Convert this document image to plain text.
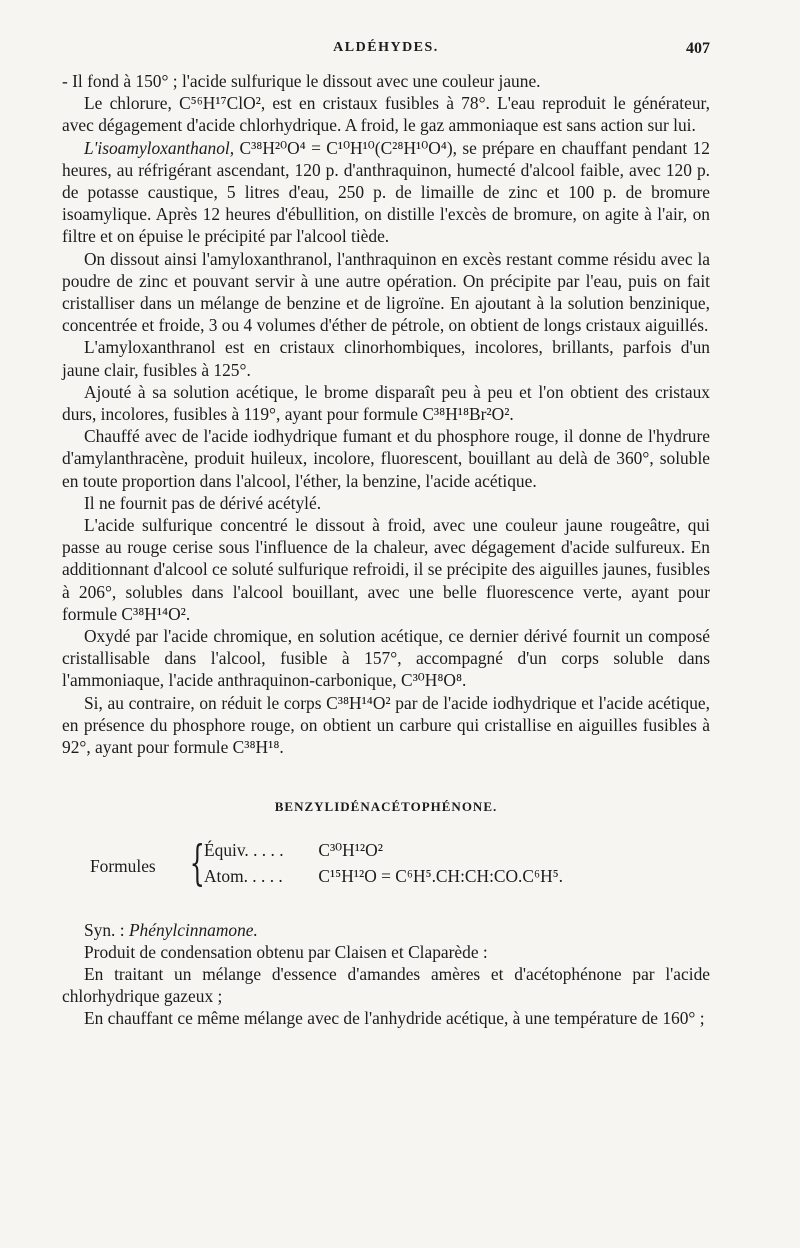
ALDÉHYDES.	407

- Il fond à 150° ; l'acide sulfurique le dissout avec une couleur jaune.

Le chlorure, C⁵⁶H¹⁷ClO², est en cristaux fusibles à 78°. L'eau reproduit le générateur, avec dégagement d'acide chlorhydrique. A froid, le gaz ammoniaque est sans action sur lui.

L'isoamyloxanthanol, C³⁸H²⁰O⁴ = C¹⁰H¹⁰(C²⁸H¹⁰O⁴), se prépare en chauffant pendant 12 heures, au réfrigérant ascendant, 120 p. d'anthraquinon, humecté d'alcool faible, avec 120 p. de potasse caustique, 5 litres d'eau, 250 p. de limaille de zinc et 100 p. de bromure isoamylique. Après 12 heures d'ébullition, on distille l'excès de bromure, on agite à l'air, on filtre et on épuise le précipité par l'alcool tiède.

On dissout ainsi l'amyloxanthranol, l'anthraquinon en excès restant comme résidu avec la poudre de zinc et pouvant servir à une autre opération. On précipite par l'eau, puis on fait cristalliser dans un mélange de benzine et de ligroïne. En ajoutant à la solution benzinique, concentrée et froide, 3 ou 4 volumes d'éther de pétrole, on obtient de longs cristaux aiguillés.

L'amyloxanthranol est en cristaux clinorhombiques, incolores, brillants, parfois d'un jaune clair, fusibles à 125°.

Ajouté à sa solution acétique, le brome disparaît peu à peu et l'on obtient des cristaux durs, incolores, fusibles à 119°, ayant pour formule C³⁸H¹⁸Br²O².

Chauffé avec de l'acide iodhydrique fumant et du phosphore rouge, il donne de l'hydrure d'amylanthracène, produit huileux, incolore, fluorescent, bouillant au delà de 360°, soluble en toute proportion dans l'alcool, l'éther, la benzine, l'acide acétique.

Il ne fournit pas de dérivé acétylé.

L'acide sulfurique concentré le dissout à froid, avec une couleur jaune rougeâtre, qui passe au rouge cerise sous l'influence de la chaleur, avec dégagement d'acide sulfureux. En additionnant d'alcool ce soluté sulfurique refroidi, il se précipite des aiguilles jaunes, fusibles à 206°, solubles dans l'alcool bouillant, avec une belle fluorescence verte, ayant pour formule C³⁸H¹⁴O².

Oxydé par l'acide chromique, en solution acétique, ce dernier dérivé fournit un composé cristallisable dans l'alcool, fusible à 157°, accompagné d'un corps soluble dans l'ammoniaque, l'acide anthraquinon-carbonique, C³⁰H⁸O⁸.

Si, au contraire, on réduit le corps C³⁸H¹⁴O² par de l'acide iodhydrique et l'acide acétique, en présence du phosphore rouge, on obtient un carbure qui cristallise en aiguilles fusibles à 92°, ayant pour formule C³⁸H¹⁸.

BENZYLIDÉNACÉTOPHÉNONE.
Formules { Équiv. . . . . C³⁰H¹²O²
Atom. . . . . C¹⁵H¹²O = C⁶H⁵.CH:CH:CO.C⁶H⁵.

Syn. : Phénylcinnamone.

Produit de condensation obtenu par Claisen et Claparède :

En traitant un mélange d'essence d'amandes amères et d'acétophénone par l'acide chlorhydrique gazeux ;

En chauffant ce même mélange avec de l'anhydride acétique, à une température de 160° ;
